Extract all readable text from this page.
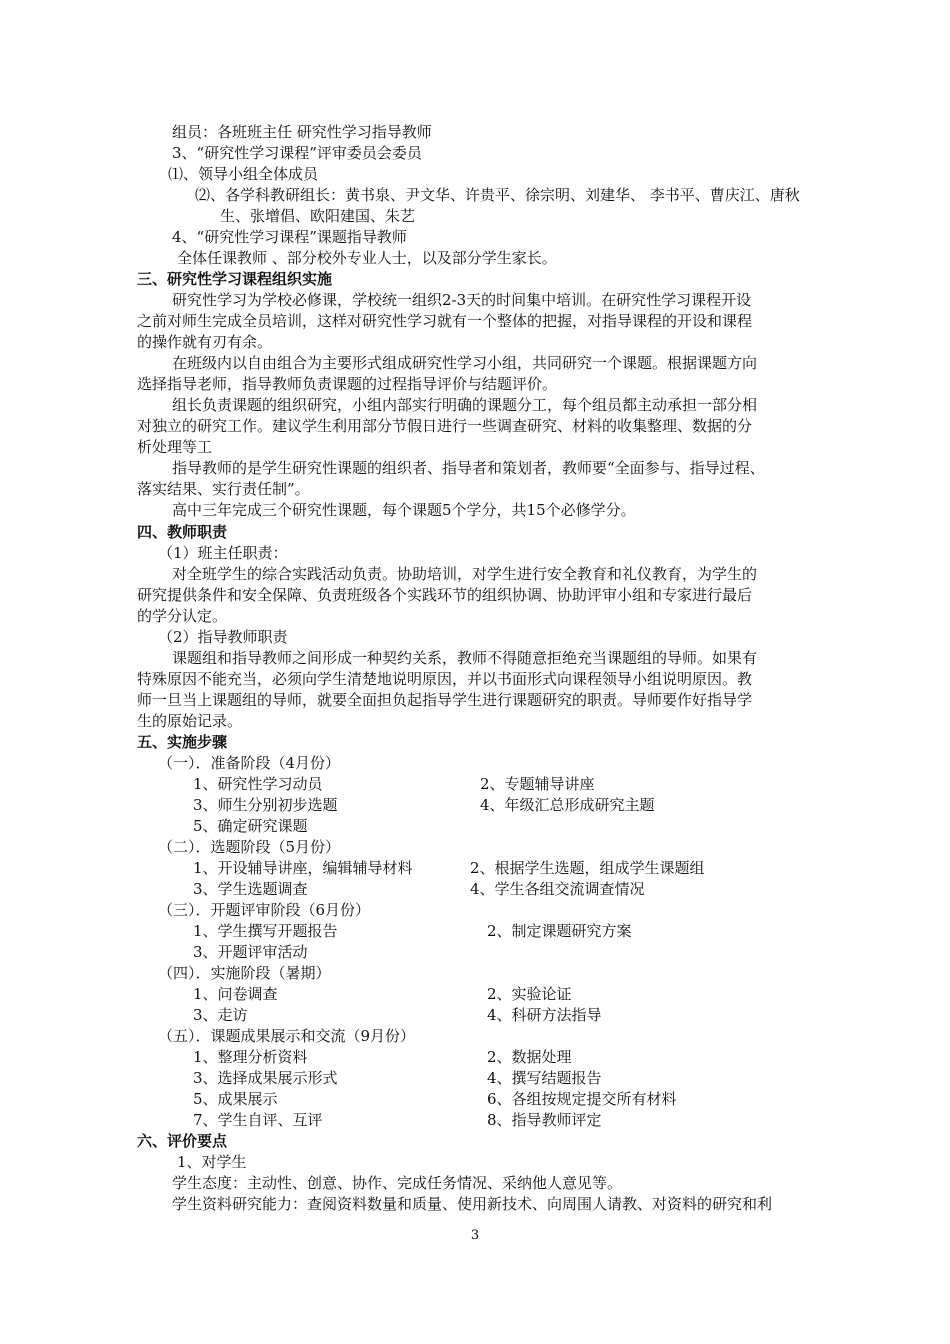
组员：各班班主任 研究性学习指导教师
3、“研究性学习课程”评审委员会委员
⑴、领导小组全体成员
⑵、各学科教研组长：黄书泉、尹文华、许贵平、徐宗明、刘建华、 李书平、曹庆江、唐秋
生、张增倡、欧阳建国、朱艺
4、“研究性学习课程”课题指导教师
全体任课教师 、部分校外专业人士，以及部分学生家长。
三、研究性学习课程组织实施
研究性学习为学校必修课，学校统一组织2-3天的时间集中培训。在研究性学习课程开设
之前对师生完成全员培训，这样对研究性学习就有一个整体的把握，对指导课程的开设和课程
的操作就有刃有余。
在班级内以自由组合为主要形式组成研究性学习小组，共同研究一个课题。根据课题方向
选择指导老师，指导教师负责课题的过程指导评价与结题评价。
组长负责课题的组织研究，小组内部实行明确的课题分工，每个组员都主动承担一部分相
对独立的研究工作。建议学生利用部分节假日进行一些调查研究、材料的收集整理、数据的分
析处理等工
指导教师的是学生研究性课题的组织者、指导者和策划者，教师要“全面参与、指导过程、
落实结果、实行责任制”。
高中三年完成三个研究性课题，每个课题5个学分，共15个必修学分。
四、教师职责
（1）班主任职责：
对全班学生的综合实践活动负责。协助培训，对学生进行安全教育和礼仪教育，为学生的
研究提供条件和安全保障、负责班级各个实践环节的组织协调、协助评审小组和专家进行最后
的学分认定。
（2）指导教师职责
课题组和指导教师之间形成一种契约关系，教师不得随意拒绝充当课题组的导师。如果有
特殊原因不能充当，必须向学生清楚地说明原因，并以书面形式向课程领导小组说明原因。教
师一旦当上课题组的导师，就要全面担负起指导学生进行课题研究的职责。导师要作好指导学
生的原始记录。
五、实施步骤
（一）．准备阶段（4月份）
1、研究性学习动员	2、专题辅导讲座
3、师生分别初步选题	4、年级汇总形成研究主题
5、确定研究课题
（二）．选题阶段（5月份）
1、开设辅导讲座，编辑辅导材料	2、根据学生选题，组成学生课题组
3、学生选题调查	4、学生各组交流调查情况
（三）．开题评审阶段（6月份）
1、学生撰写开题报告	2、制定课题研究方案
3、开题评审活动
（四）．实施阶段（暑期）
1、问卷调查	2、实验论证
3、走访	4、科研方法指导
（五）．课题成果展示和交流（9月份）
1、整理分析资料	2、数据处理
3、选择成果展示形式	4、撰写结题报告
5、成果展示	6、各组按规定提交所有材料
7、学生自评、互评	8、指导教师评定
六、评价要点
1、对学生
学生态度：主动性、创意、协作、完成任务情况、采纳他人意见等。
学生资料研究能力：查阅资料数量和质量、使用新技术、向周围人请教、对资料的研究和利
3
